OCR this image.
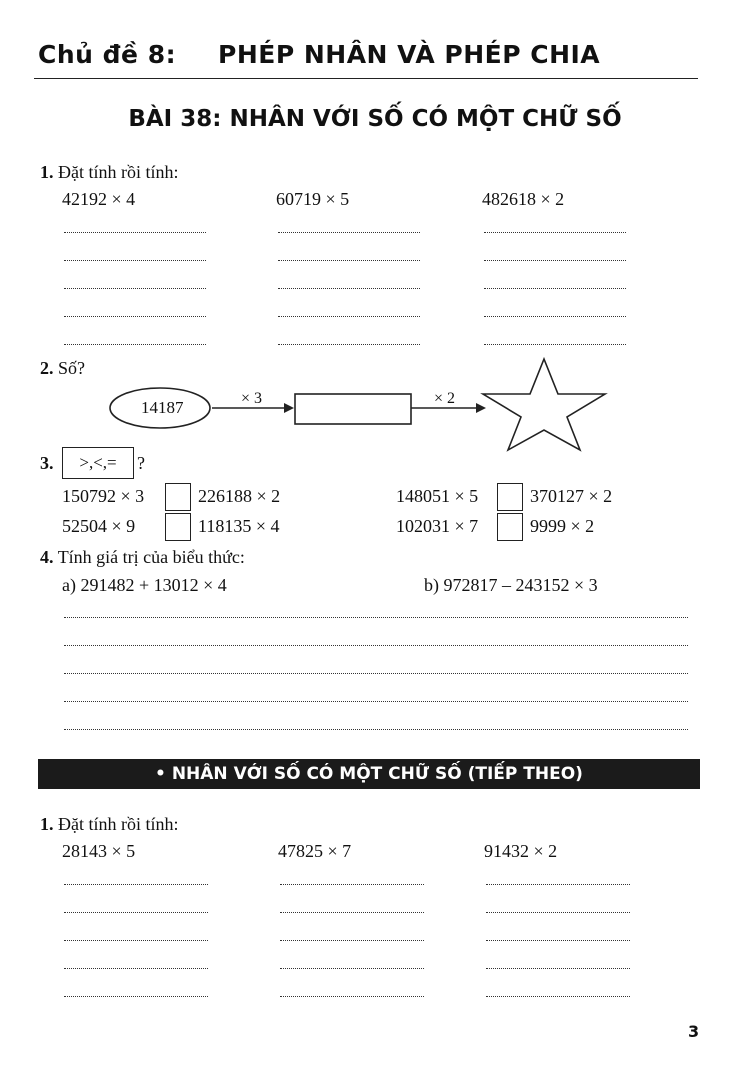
Chủ đề 8: PHÉP NHÂN VÀ PHÉP CHIA
BÀI 38: NHÂN VỚI SỐ CÓ MỘT CHỮ SỐ
1. Đặt tính rồi tính:
42192 × 4	60719 × 5	482618 × 2
2. Số?
14187	× 3	× 2
3.	>,<,=	?
150792 × 3	226188 × 2	148051 × 5	370127 × 2
52504 × 9	118135 × 4	102031 × 7	9999 × 2
4. Tính giá trị của biểu thức:
a) 291482 + 13012 × 4	b) 972817 – 243152 × 3
• NHÂN VỚI SỐ CÓ MỘT CHỮ SỐ (TIẾP THEO)
1. Đặt tính rồi tính:
28143 × 5	47825 × 7	91432 × 2
3
